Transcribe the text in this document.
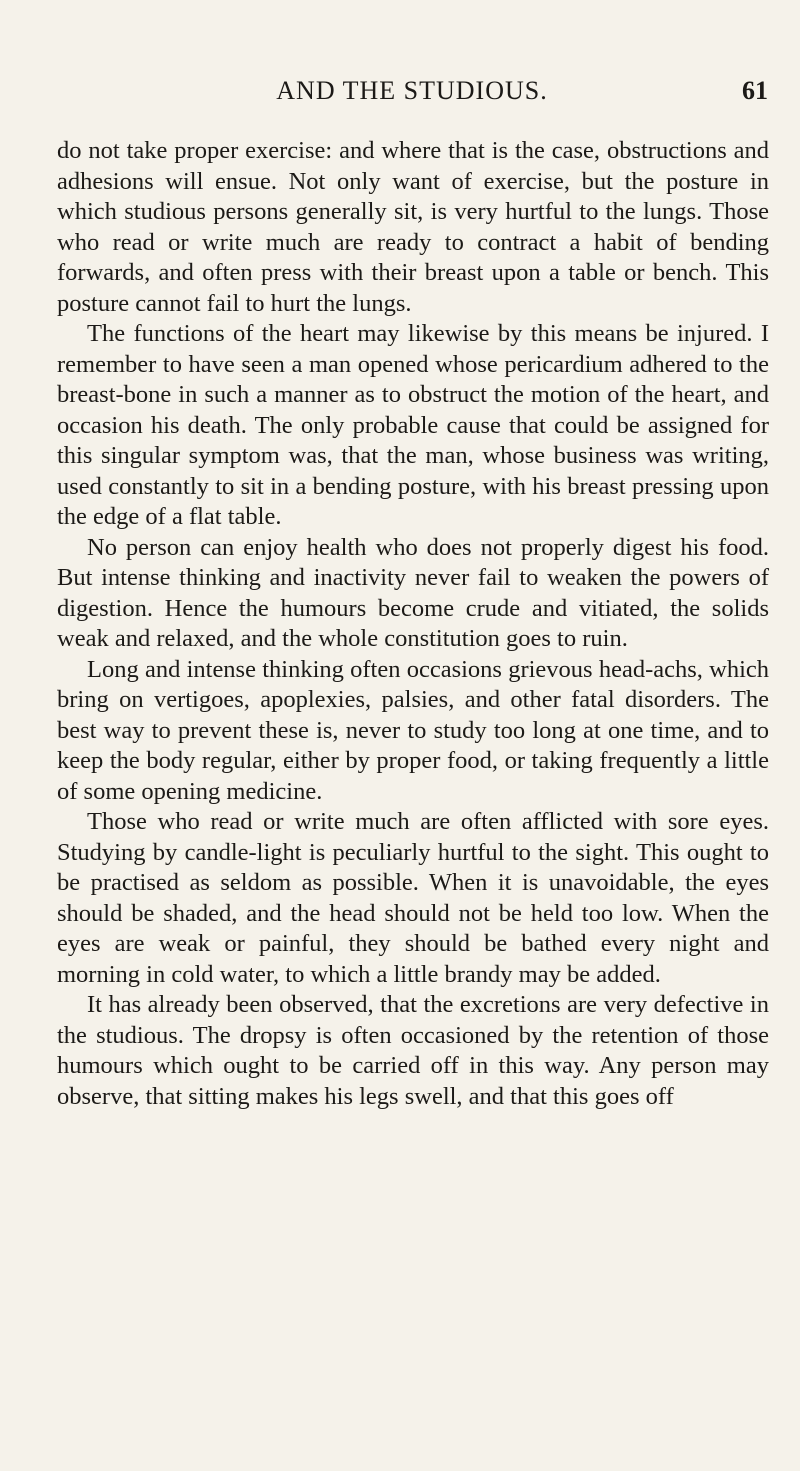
AND THE STUDIOUS.	61

do not take proper exercise: and where that is the case, obstructions and adhesions will ensue. Not only want of exercise, but the posture in which studious persons generally sit, is very hurtful to the lungs. Those who read or write much are ready to contract a habit of bending forwards, and often press with their breast upon a table or bench. This posture cannot fail to hurt the lungs.

The functions of the heart may likewise by this means be injured. I remember to have seen a man opened whose pericardium adhered to the breast-bone in such a manner as to obstruct the motion of the heart, and occasion his death. The only probable cause that could be assigned for this singular symptom was, that the man, whose business was writing, used constantly to sit in a bending posture, with his breast pressing upon the edge of a flat table.

No person can enjoy health who does not properly digest his food. But intense thinking and inactivity never fail to weaken the powers of digestion. Hence the humours become crude and vitiated, the solids weak and relaxed, and the whole constitution goes to ruin.

Long and intense thinking often occasions grievous head-achs, which bring on vertigoes, apoplexies, palsies, and other fatal disorders. The best way to prevent these is, never to study too long at one time, and to keep the body regular, either by proper food, or taking frequently a little of some opening medicine.

Those who read or write much are often afflicted with sore eyes. Studying by candle-light is peculiarly hurtful to the sight. This ought to be practised as seldom as possible. When it is unavoidable, the eyes should be shaded, and the head should not be held too low. When the eyes are weak or painful, they should be bathed every night and morning in cold water, to which a little brandy may be added.

It has already been observed, that the excretions are very defective in the studious. The dropsy is often occasioned by the retention of those humours which ought to be carried off in this way. Any person may observe, that sitting makes his legs swell, and that this goes off
